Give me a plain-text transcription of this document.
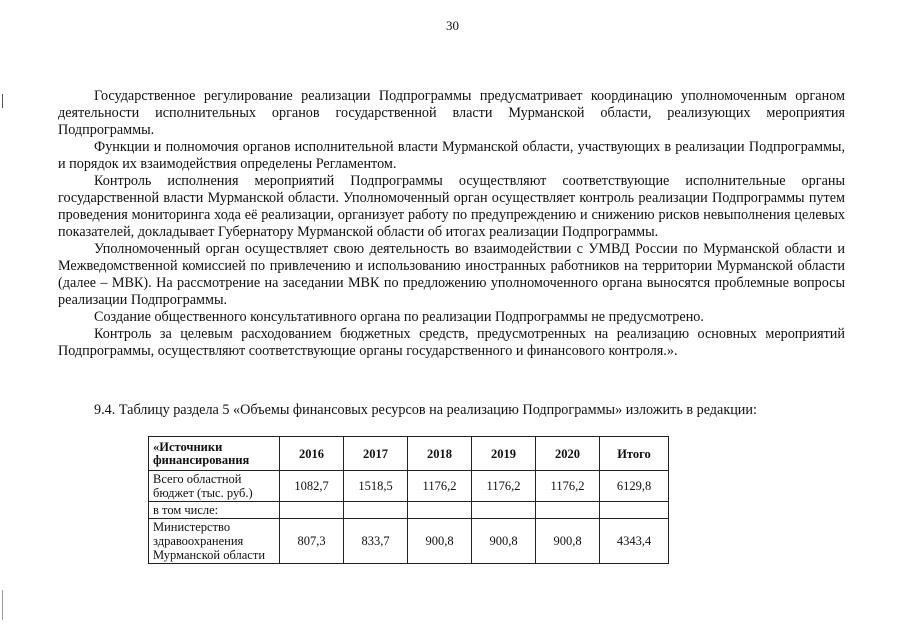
30

Государственное регулирование реализации Подпрограммы предусматривает координацию уполномоченным органом деятельности исполнительных органов государственной власти Мурманской области, реализующих мероприятия Подпрограммы.

Функции и полномочия органов исполнительной власти Мурманской области, участвующих в реализации Подпрограммы, и порядок их взаимодействия определены Регламентом.

Контроль исполнения мероприятий Подпрограммы осуществляют соответствующие исполнительные органы государственной власти Мурманской области. Уполномоченный орган осуществляет контроль реализации Подпрограммы путем проведения мониторинга хода её реализации, организует работу по предупреждению и снижению рисков невыполнения целевых показателей, докладывает Губернатору Мурманской области об итогах реализации Подпрограммы.

Уполномоченный орган осуществляет свою деятельность во взаимодействии с УМВД России по Мурманской области и Межведомственной комиссией по привлечению и использованию иностранных работников на территории Мурманской области (далее – МВК). На рассмотрение на заседании МВК по предложению уполномоченного органа выносятся проблемные вопросы реализации Подпрограммы.

Создание общественного консультативного органа по реализации Подпрограммы не предусмотрено.

Контроль за целевым расходованием бюджетных средств, предусмотренных на реализацию основных мероприятий Подпрограммы, осуществляют соответствующие органы государственного и финансового контроля.».

9.4. Таблицу раздела 5 «Объемы финансовых ресурсов на реализацию Подпрограммы» изложить в редакции:
«Источники финансирования	2016	2017	2018	2019	2020	Итого
Всего областной бюджет (тыс. руб.)	1082,7	1518,5	1176,2	1176,2	1176,2	6129,8
в том числе:						
Министерство здравоохранения Мурманской области	807,3	833,7	900,8	900,8	900,8	4343,4
